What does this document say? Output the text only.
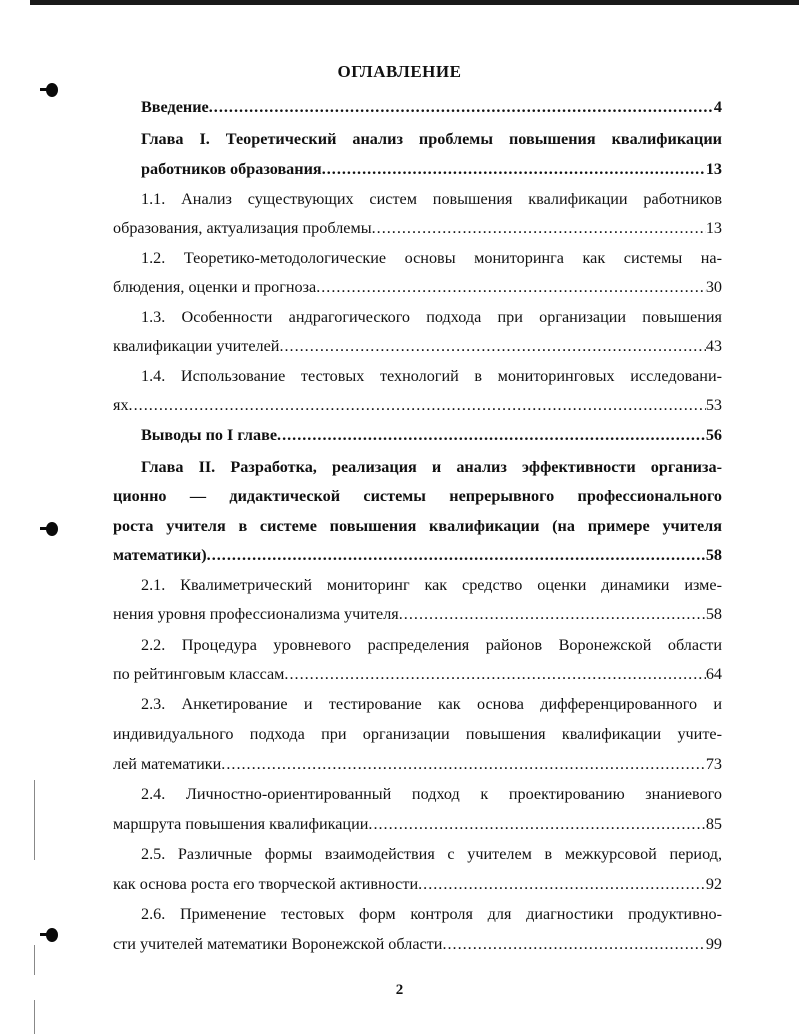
ОГЛАВЛЕНИЕ
Введение .....	4
Глава I. Теоретический анализ проблемы повышения квалификации
работников образования .....	13
1.1. Анализ существующих систем повышения квалификации работников
образования, актуализация проблемы .....	13
1.2. Теоретико-методологические основы мониторинга как системы на-
блюдения, оценки и прогноза .....	30
1.3. Особенности андрагогического подхода при организации повышения
квалификации учителей .....	43
1.4. Использование тестовых технологий в мониторинговых исследовани-
ях .....	53
Выводы по I главе .....	56
Глава II. Разработка, реализация и анализ эффективности организа-
ционно — дидактической системы непрерывного профессионального
роста учителя в системе повышения квалификации (на примере учителя
математики) .....	58
2.1. Квалиметрический мониторинг как средство оценки динамики изме-
нения уровня профессионализма учителя .....	58
2.2. Процедура уровневого распределения районов Воронежской области
по рейтинговым классам .....	64
2.3. Анкетирование и тестирование как основа дифференцированного и
индивидуального подхода при организации повышения квалификации учите-
лей математики .....	73
2.4. Личностно-ориентированный подход к проектированию знаниевого
маршрута повышения квалификации .....	85
2.5. Различные формы взаимодействия с учителем в межкурсовой период,
как основа роста его творческой активности .....	92
2.6. Применение тестовых форм контроля для диагностики продуктивно-
сти учителей математики Воронежской области .....	99
2
